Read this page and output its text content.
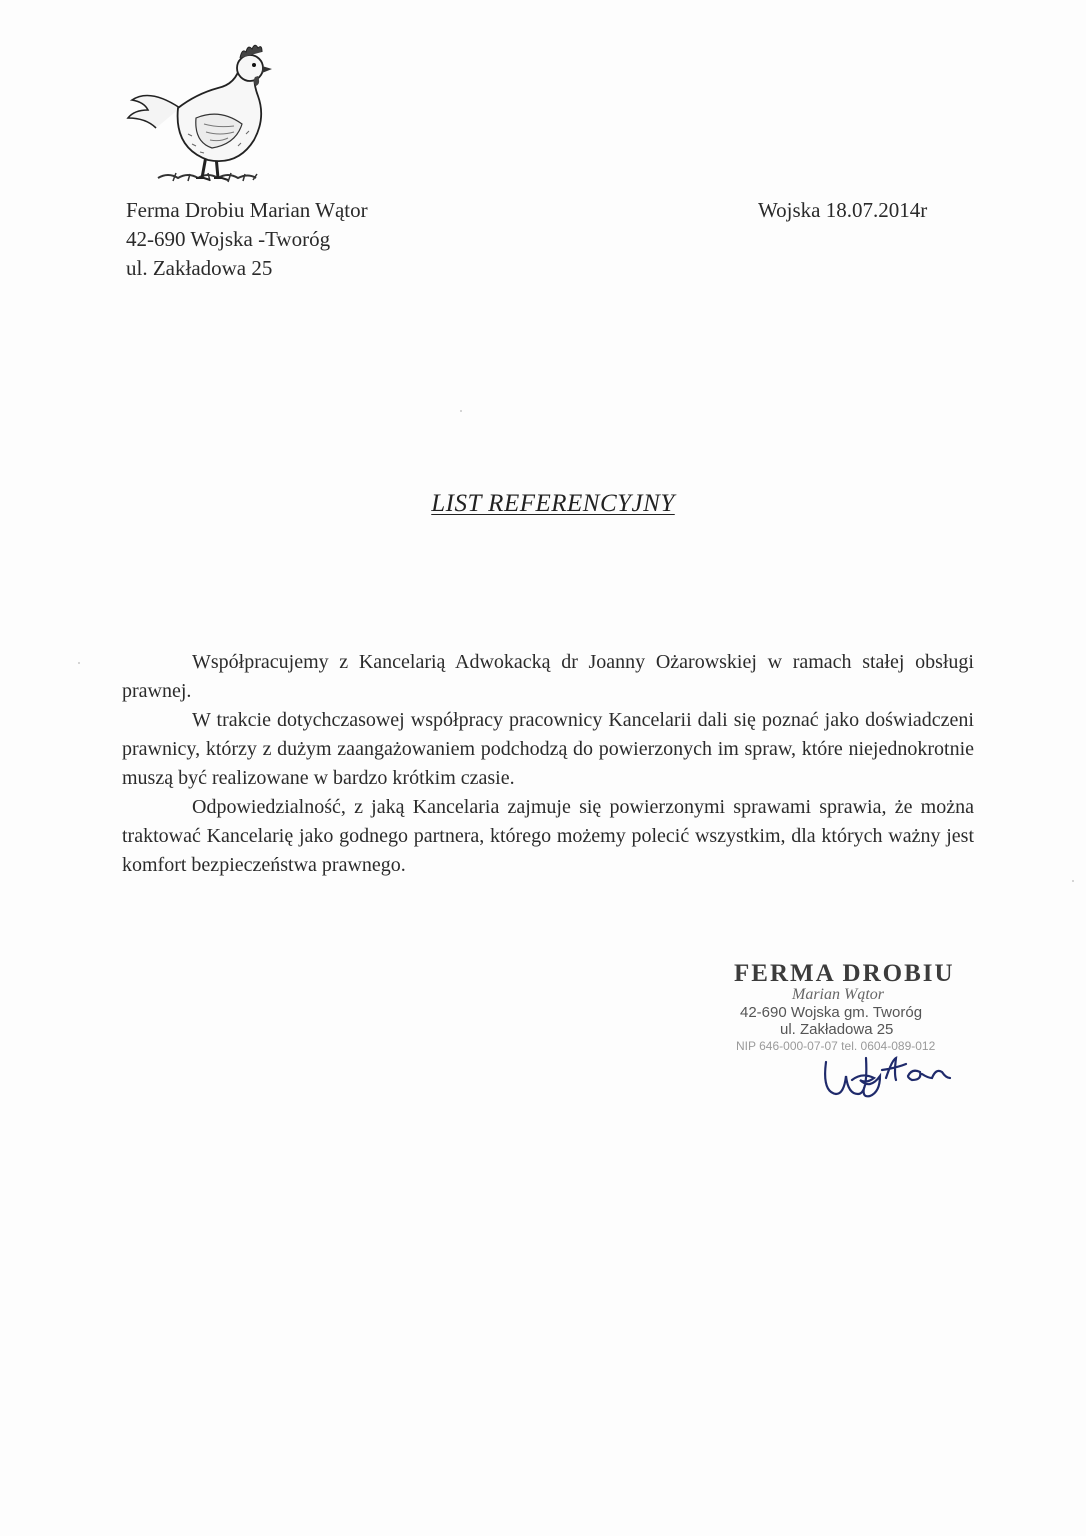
Ferma Drobiu Marian Wątor
42-690 Wojska -Tworóg
ul. Zakładowa 25
Wojska 18.07.2014r
LIST REFERENCYJNY

Współpracujemy z Kancelarią Adwokacką dr Joanny Ożarowskiej w ramach stałej obsługi prawnej.

W trakcie dotychczasowej współpracy pracownicy Kancelarii dali się poznać jako doświadczeni prawnicy, którzy z dużym zaangażowaniem podchodzą do powierzonych im spraw, które niejednokrotnie muszą być realizowane w bardzo krótkim czasie.

Odpowiedzialność, z jaką Kancelaria zajmuje się powierzonymi sprawami sprawia, że można traktować Kancelarię jako godnego partnera, którego możemy polecić wszystkim, dla których ważny jest komfort bezpieczeństwa prawnego.

FERMA DROBIU
Marian Wątor
42-690 Wojska gm. Tworóg
ul. Zakładowa 25
NIP 646-000-07-07 tel. 0604-089-012
